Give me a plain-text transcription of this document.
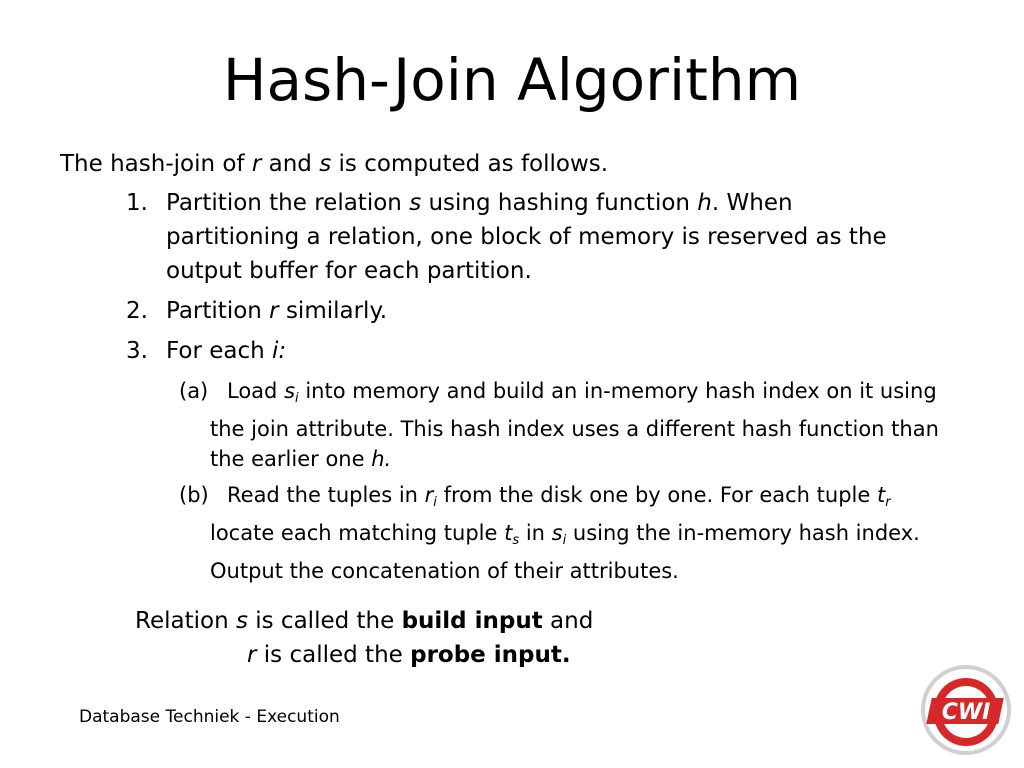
Hash-Join Algorithm

The hash-join of r and s is computed as follows.

1. Partition the relation s using hashing function h. When partitioning a relation, one block of memory is reserved as the output buffer for each partition.
2. Partition r similarly.
3. For each i:
(a) Load $s_i$ into memory and build an in-memory hash index on it using the join attribute. This hash index uses a different hash function than the earlier one h.
(b) Read the tuples in $r_i$ from the disk one by one. For each tuple $t_r$ locate each matching tuple $t_s$ in $s_i$ using the in-memory hash index. Output the concatenation of their attributes.
Relation s is called the build input and
r is called the probe input.
Database Techniek - Execution	CWI
